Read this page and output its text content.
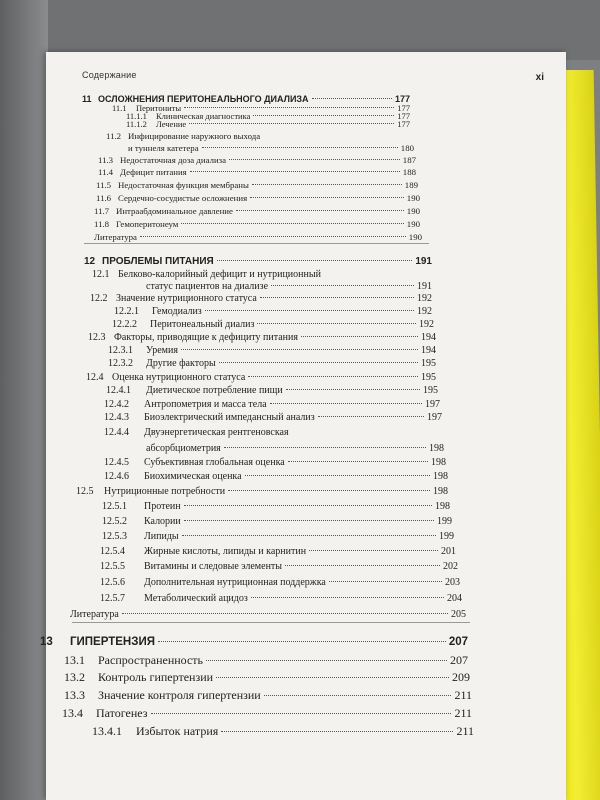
Содержание	xi
11 ОСЛОЖНЕНИЯ ПЕРИТОНЕАЛЬНОГО ДИАЛИЗА	177
11.1	Перитониты	177
11.1.1	Клиническая диагностика	177
11.1.2	Лечение	177
11.2 Инфицирование наружного выхода
и туннеля катетера	180
11.3 Недостаточная доза диализа	187
11.4 Дефицит питания	188
11.5 Недостаточная функция мембраны	189
11.6 Сердечно-сосудистые осложнения	190
11.7 Интраабдоминальное давление	190
11.8 Гемоперитонеум	190
Литература	190
12 ПРОБЛЕМЫ ПИТАНИЯ	191
12.1 Белково-калорийный дефицит и нутриционный
статус пациентов на диализе	191
12.2 Значение нутриционного статуса	192
12.2.1	Гемодиализ	192
12.2.2	Перитонеальный диализ	192
12.3 Факторы, приводящие к дефициту питания	194
12.3.1	Уремия	194
12.3.2	Другие факторы	195
12.4 Оценка нутриционного статуса	195
12.4.1	Диетическое потребление пищи	195
12.4.2	Антропометрия и масса тела	197
12.4.3	Биоэлектрический импедансный анализ	197
12.4.4	Двуэнергетическая рентгеновская
абсорбциометрия	198
12.4.5	Субъективная глобальная оценка	198
12.4.6	Биохимическая оценка	198
12.5	Нутриционные потребности	198
12.5.1	Протеин	198
12.5.2	Калории	199
12.5.3	Липиды	199
12.5.4	Жирные кислоты, липиды и карнитин	201
12.5.5	Витамины и следовые элементы	202
12.5.6	Дополнительная нутриционная поддержка	203
12.5.7	Метаболический ацидоз	204
Литература	205
13	ГИПЕРТЕНЗИЯ	207
13.1	Распространенность	207
13.2	Контроль гипертензии	209
13.3	Значение контроля гипертензии	211
13.4	Патогенез	211
13.4.1	Избыток натрия	211
